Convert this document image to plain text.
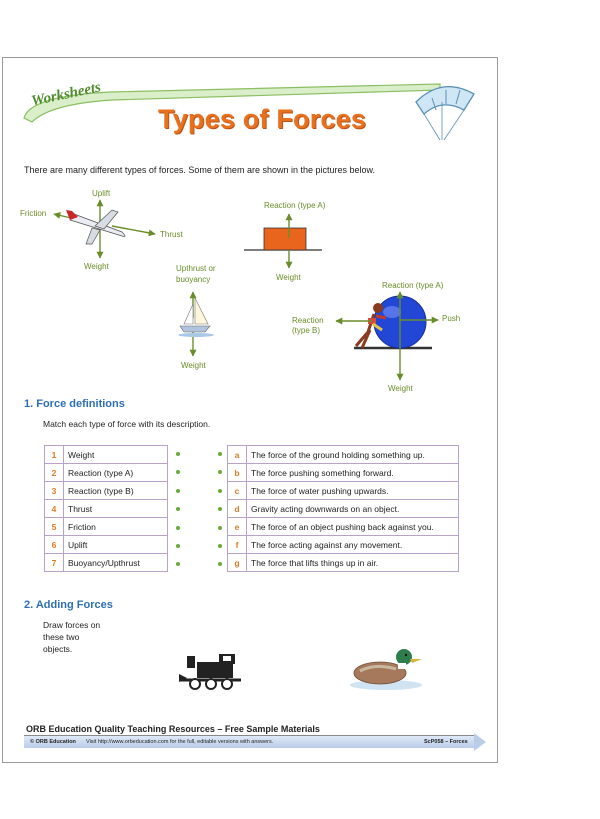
Worksheets
Types of Forces
There are many different types of forces. Some of them are shown in the pictures below.
Uplift
Friction
Thrust
Weight
Reaction (type A)
Weight
Upthrust or
buoyancy
Weight
Reaction (type A)
Reaction
(type B)
Push
Weight
1. Force definitions
Match each type of force with its description.
1	Weight
2	Reaction (type A)
3	Reaction (type B)
4	Thrust
5	Friction
6	Uplift
7	Buoyancy/Upthrust
a	The force of the ground holding something up.
b	The force pushing something forward.
c	The force of water pushing upwards.
d	Gravity acting downwards on an object.
e	The force of an object pushing back against you.
f	The force acting against any movement.
g	The force that lifts things up in air.
2. Adding Forces
Draw forces on
these two
objects.
ORB Education Quality Teaching Resources – Free Sample Materials
© ORB Education Visit http://www.orbeducation.com for the full, editable versions with answers.	ScP058 – Forces
